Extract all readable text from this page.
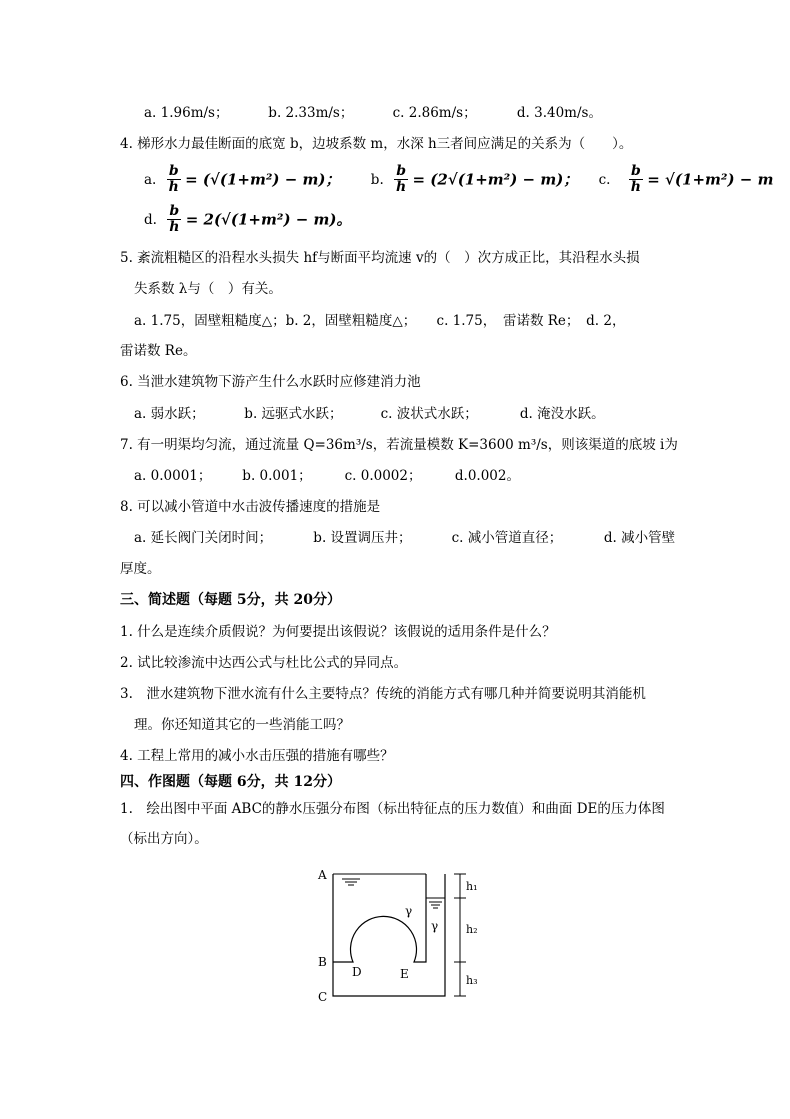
a. 1.96m/s；	b. 2.33m/s；	c. 2.86m/s；	d. 3.40m/s。
4. 梯形水力最佳断面的底宽 b，边坡系数 m，水深 h三者间应满足的关系为（　　）。
a. $\frac{b}{h} = (√(1+m^2) - m)$； b. $\frac{b}{h} = (2√(1+m^2) - m)$； c. $\frac{b}{h} = √(1+m^2) - m$
d. $\frac{b}{h} = 2(√(1+m^2) - m)$。
5. 紊流粗糙区的沿程水头损失 hf与断面平均流速 v的（　）次方成正比，其沿程水头损
失系数 λ与（　）有关。
a. 1.75，固壁粗糙度△；b. 2，固壁粗糙度△；　　c. 1.75，　雷诺数 Re；　d. 2，
雷诺数 Re。
6. 当泄水建筑物下游产生什么水跃时应修建消力池
a. 弱水跃；	b. 远驱式水跃；	c. 波状式水跃；	d. 淹没水跃。
7. 有一明渠均匀流，通过流量 Q=36m³/s，若流量模数 K=3600 m³/s，则该渠道的底坡 i为
a. 0.0001； b. 0.001； c. 0.0002； d.0.002。
8. 可以减小管道中水击波传播速度的措施是
a. 延长阀门关闭时间；	b. 设置调压井；	c. 减小管道直径；	d. 减小管壁
厚度。
三、简述题（每题 5分，共 20分）
1. 什么是连续介质假说？为何要提出该假说？该假说的适用条件是什么？
2. 试比较渗流中达西公式与杜比公式的异同点。
3.　泄水建筑物下泄水流有什么主要特点？传统的消能方式有哪几种并简要说明其消能机
理。你还知道其它的一些消能工吗？
4. 工程上常用的减小水击压强的措施有哪些？
四、作图题（每题 6分，共 12分）
1.　绘出图中平面 ABC的静水压强分布图（标出特征点的压力数值）和曲面 DE的压力体图
（标出方向）。
A
B
C
D	E
γ
γ
h₁
h₂
h₃
